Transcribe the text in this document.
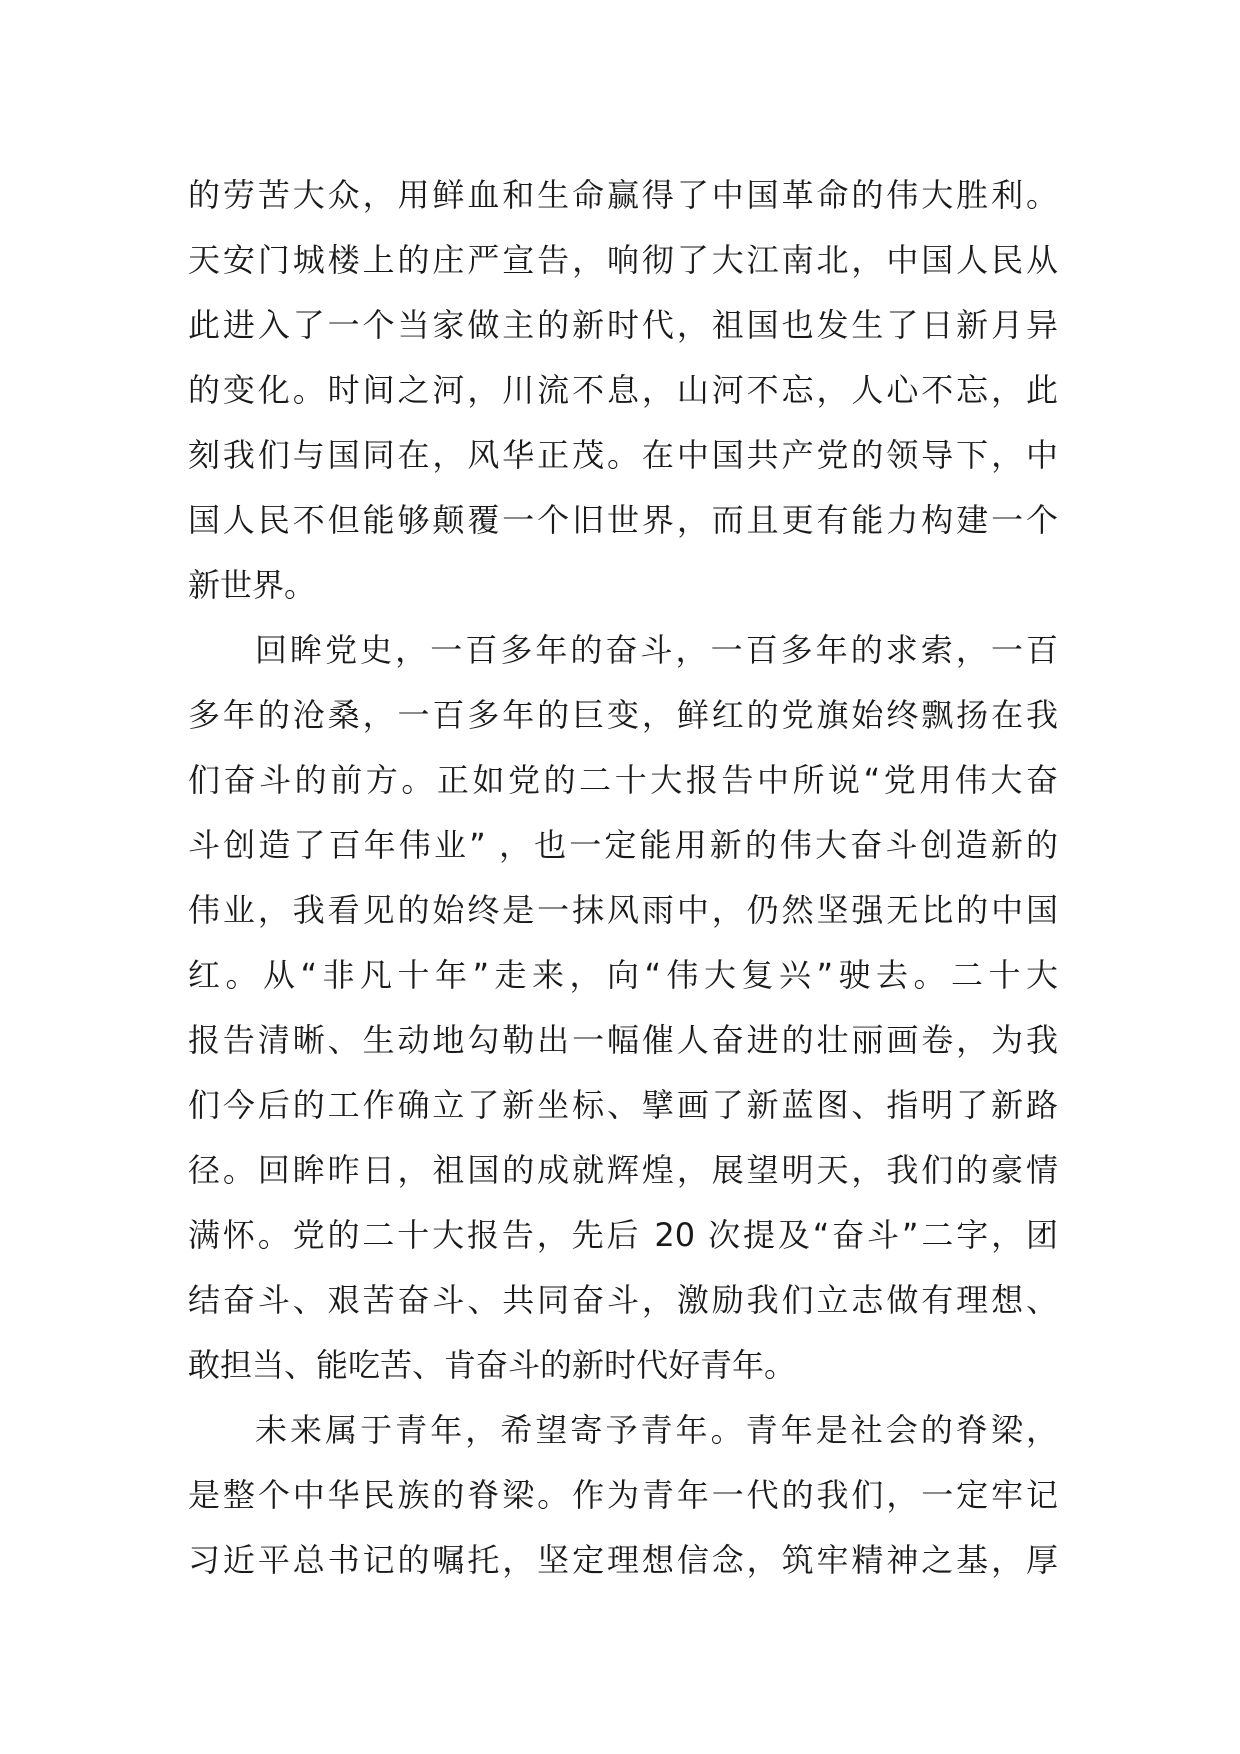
的劳苦大众，用鲜血和生命赢得了中国革命的伟大胜利。
天安门城楼上的庄严宣告，响彻了大江南北，中国人民从
此进入了一个当家做主的新时代，祖国也发生了日新月异
的变化。时间之河，川流不息，山河不忘，人心不忘，此
刻我们与国同在，风华正茂。在中国共产党的领导下，中
国人民不但能够颠覆一个旧世界，而且更有能力构建一个
新世界。
回眸党史，一百多年的奋斗，一百多年的求索，一百
多年的沧桑，一百多年的巨变，鲜红的党旗始终飘扬在我
们奋斗的前方。正如党的二十大报告中所说“党用伟大奋
斗创造了百年伟业” ，也一定能用新的伟大奋斗创造新的
伟业，我看见的始终是一抹风雨中，仍然坚强无比的中国
红。从“非凡十年”走来，向“伟大复兴”驶去。二十大
报告清晰、生动地勾勒出一幅催人奋进的壮丽画卷，为我
们今后的工作确立了新坐标、擘画了新蓝图、指明了新路
径。回眸昨日，祖国的成就辉煌，展望明天，我们的豪情
满怀。党的二十大报告，先后 20 次提及“奋斗”二字，团
结奋斗、艰苦奋斗、共同奋斗，激励我们立志做有理想、
敢担当、能吃苦、肯奋斗的新时代好青年。
未来属于青年，希望寄予青年。青年是社会的脊梁，
是整个中华民族的脊梁。作为青年一代的我们，一定牢记
习近平总书记的嘱托，坚定理想信念，筑牢精神之基，厚
